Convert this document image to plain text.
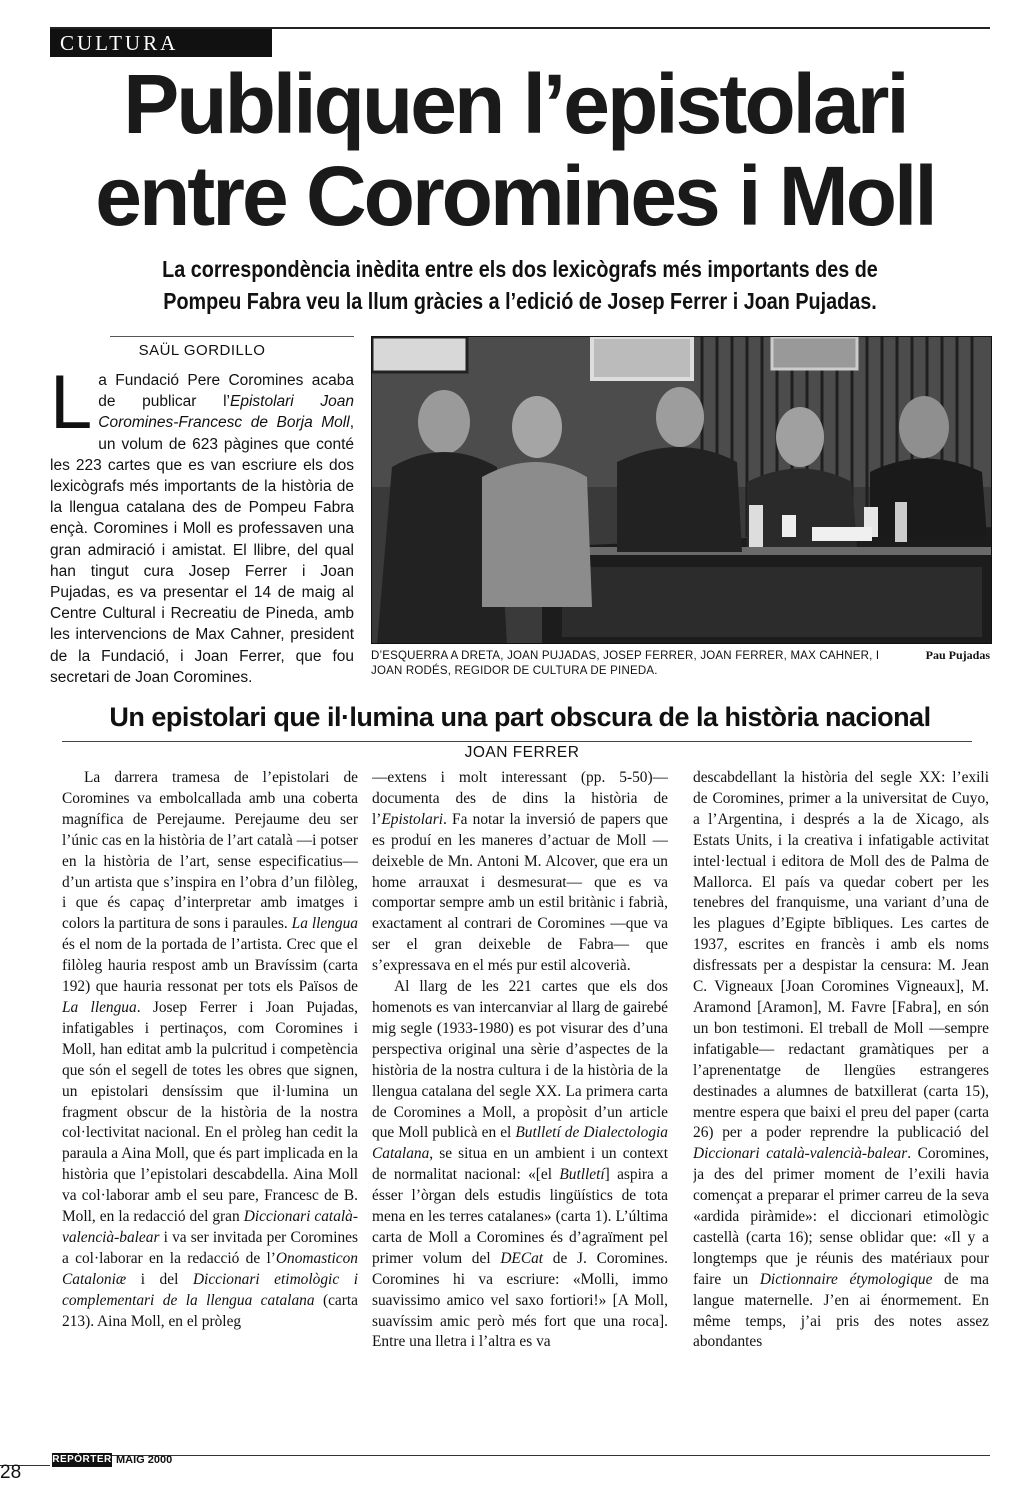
CULTURA
Publiquen l’epistolari
entre Coromines i Moll

La correspondència inèdita entre els dos lexicògrafs més importants des de Pompeu Fabra veu la llum gràcies a l’edició de Josep Ferrer i Joan Pujadas.

SAÜL GORDILLO
La Fundació Pere Coromines acaba de publicar l’Epistolari Joan Coromines-Francesc de Borja Moll, un volum de 623 pàgines que conté les 223 cartes que es van escriure els dos lexicògrafs més importants de la història de la llengua catalana des de Pompeu Fabra ençà. Coromines i Moll es professaven una gran admiració i amistat. El llibre, del qual han tingut cura Josep Ferrer i Joan Pujadas, es va presentar el 14 de maig al Centre Cultural i Recreatiu de Pineda, amb les intervencions de Max Cahner, president de la Fundació, i Joan Ferrer, que fou secretari de Joan Coromines.
D’ESQUERRA A DRETA, JOAN PUJADAS, JOSEP FERRER, JOAN FERRER, MAX CAHNER, I JOAN RODÉS, REGIDOR DE CULTURA DE PINEDA.
Pau Pujadas
Un epistolari que il·lumina una part obscura de la història nacional
JOAN FERRER

La darrera tramesa de l’epistolari de Coromines va embolcallada amb una coberta magnífica de Perejaume. Perejaume deu ser l’únic cas en la història de l’art català —i potser en la història de l’art, sense especificatius— d’un artista que s’inspira en l’obra d’un filòleg, i que és capaç d’interpretar amb imatges i colors la partitura de sons i paraules. La llengua és el nom de la portada de l’artista. Crec que el filòleg hauria respost amb un Bravíssim (carta 192) que hauria ressonat per tots els Països de La llengua. Josep Ferrer i Joan Pujadas, infatigables i pertinaços, com Coromines i Moll, han editat amb la pulcritud i competència que són el segell de totes les obres que signen, un epistolari densíssim que il·lumina un fragment obscur de la història de la nostra col·lectivitat nacional. En el pròleg han cedit la paraula a Aina Moll, que és part implicada en la història que l’epistolari descabdella. Aina Moll va col·laborar amb el seu pare, Francesc de B. Moll, en la redacció del gran Diccionari català-valencià-balear i va ser invitada per Coromines a col·laborar en la redacció de l’Onomasticon Cataloniæ i del Diccionari etimològic i complementari de la llengua catalana (carta 213). Aina Moll, en el pròleg

—extens i molt interessant (pp. 5-50)— documenta des de dins la història de l’Epistolari. Fa notar la inversió de papers que es produí en les maneres d’actuar de Moll —deixeble de Mn. Antoni M. Alcover, que era un home arrauxat i desmesurat— que es va comportar sempre amb un estil britànic i fabrià, exactament al contrari de Coromines —que va ser el gran deixeble de Fabra— que s’expressava en el més pur estil alcoverià.

Al llarg de les 221 cartes que els dos homenots es van intercanviar al llarg de gairebé mig segle (1933-1980) es pot visurar des d’una perspectiva original una sèrie d’aspectes de la història de la nostra cultura i de la història de la llengua catalana del segle XX. La primera carta de Coromines a Moll, a propòsit d’un article que Moll publicà en el Butlletí de Dialectologia Catalana, se situa en un ambient i un context de normalitat nacional: «[el Butlletí] aspira a ésser l’òrgan dels estudis lingüístics de tota mena en les terres catalanes» (carta 1). L’última carta de Moll a Coromines és d’agraïment pel primer volum del DECat de J. Coromines. Coromines hi va escriure: «Molli, immo suavissimo amico vel saxo fortiori!» [A Moll, suavíssim amic però més fort que una roca]. Entre una lletra i l’altra es va

descabdellant la història del segle XX: l’exili de Coromines, primer a la universitat de Cuyo, a l’Argentina, i després a la de Xicago, als Estats Units, i la creativa i infatigable activitat intel·lectual i editora de Moll des de Palma de Mallorca. El país va quedar cobert per les tenebres del franquisme, una variant d’una de les plagues d’Egipte bībliques. Les cartes de 1937, escrites en francès i amb els noms disfressats per a despistar la censura: M. Jean C. Vigneaux [Joan Coromines Vigneaux], M. Aramond [Aramon], M. Favre [Fabra], en són un bon testimoni. El treball de Moll —sempre infatigable— redactant gramàtiques per a l’aprenentatge de llengües estrangeres destinades a alumnes de batxillerat (carta 15), mentre espera que baixi el preu del paper (carta 26) per a poder reprendre la publicació del Diccionari català-valencià-balear. Coromines, ja des del primer moment de l’exili havia començat a preparar el primer carreu de la seva «ardida piràmide»: el diccionari etimològic castellà (carta 16); sense oblidar que: «Il y a longtemps que je réunis des matériaux pour faire un Dictionnaire étymologique de ma langue maternelle. J’en ai énormement. En même temps, j’ai pris des notes assez abondantes

REPÒRTER MAIG 2000
28
